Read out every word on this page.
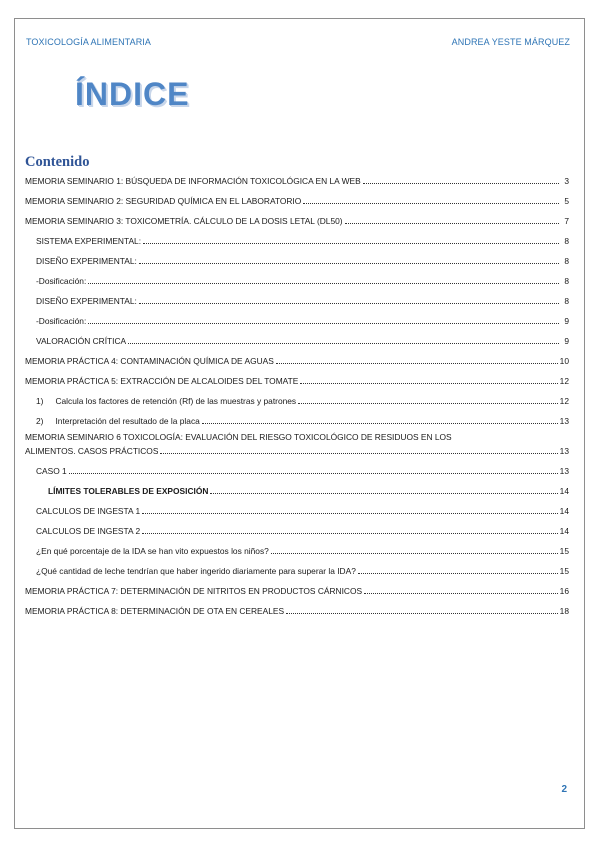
TOXICOLOGÍA ALIMENTARIA	ANDREA YESTE MÁRQUEZ
ÍNDICE
Contenido
MEMORIA SEMINARIO 1: BÚSQUEDA DE INFORMACIÓN TOXICOLÓGICA EN LA WEB	3
MEMORIA SEMINARIO 2: SEGURIDAD QUÍMICA EN EL LABORATORIO	5
MEMORIA SEMINARIO 3: TOXICOMETRÍA. CÁLCULO DE LA DOSIS LETAL (DL50)	7
SISTEMA EXPERIMENTAL:	8
DISEÑO EXPERIMENTAL:	8
-Dosificación:	8
DISEÑO EXPERIMENTAL:	8
-Dosificación:	9
VALORACIÓN CRÍTICA	9
MEMORIA PRÁCTICA 4: CONTAMINACIÓN QUÍMICA DE AGUAS	10
MEMORIA PRÁCTICA 5: EXTRACCIÓN DE ALCALOIDES DEL TOMATE	12
1) Calcula los factores de retención (Rf) de las muestras y patrones	12
2) Interpretación del resultado de la placa	13
MEMORIA SEMINARIO 6 TOXICOLOGÍA: EVALUACIÓN DEL RIESGO TOXICOLÓGICO DE RESIDUOS EN LOS
ALIMENTOS. CASOS PRÁCTICOS	13
CASO 1	13
LÍMITES TOLERABLES DE EXPOSICIÓN	14
CALCULOS DE INGESTA 1	14
CALCULOS DE INGESTA 2	14
¿En qué porcentaje de la IDA se han vito expuestos los niños?	15
¿Qué cantidad de leche tendrían que haber ingerido diariamente para superar la IDA?	15
MEMORIA PRÁCTICA 7: DETERMINACIÓN DE NITRITOS EN PRODUCTOS CÁRNICOS	16
MEMORIA PRÁCTICA 8: DETERMINACIÓN DE OTA EN CEREALES	18
2
